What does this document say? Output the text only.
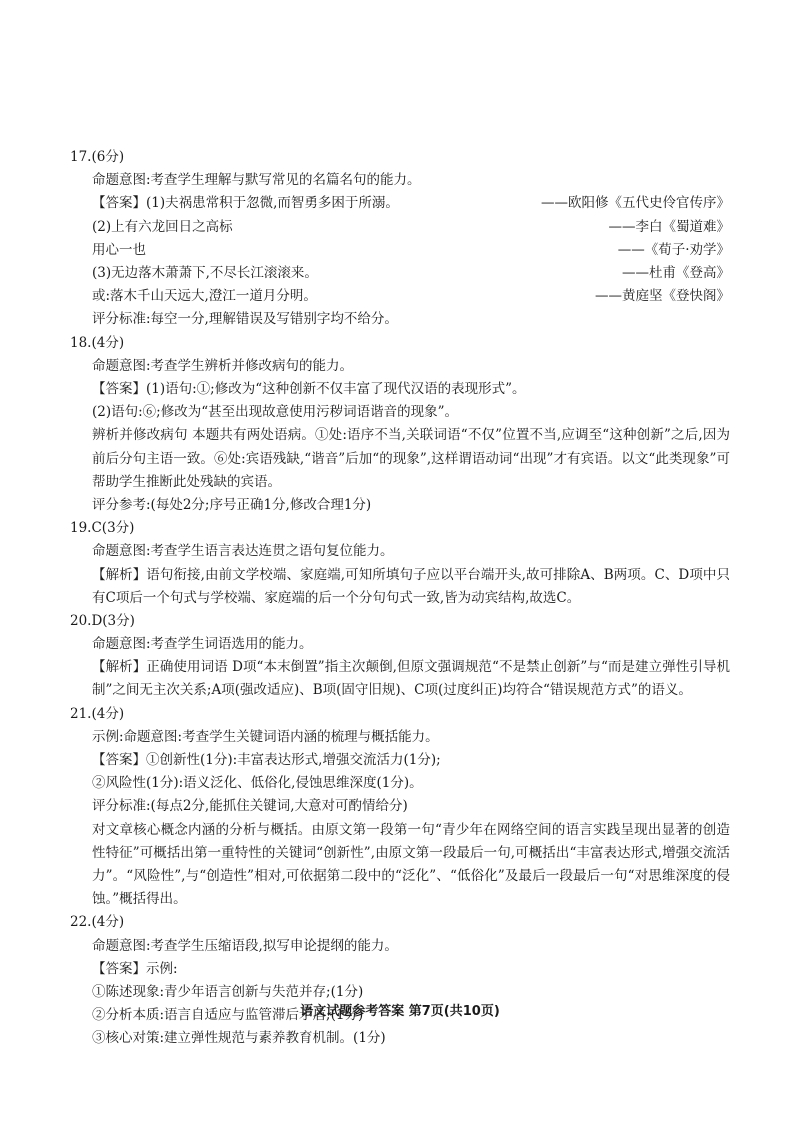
17.(6分)
命题意图:考查学生理解与默写常见的名篇名句的能力。
【答案】(1)夫祸患常积于忽微,而智勇多困于所溺。	——欧阳修《五代史伶官传序》
(2)上有六龙回日之高标	——李白《蜀道难》
用心一也	——《荀子·劝学》
(3)无边落木萧萧下,不尽长江滚滚来。	——杜甫《登高》
或:落木千山天远大,澄江一道月分明。	——黄庭坚《登快阁》
评分标准:每空一分,理解错误及写错别字均不给分。
18.(4分)
命题意图:考查学生辨析并修改病句的能力。
【答案】(1)语句:①;修改为“这种创新不仅丰富了现代汉语的表现形式”。
(2)语句:⑥;修改为“甚至出现故意使用污秽词语谐音的现象”。
辨析并修改病句 本题共有两处语病。①处:语序不当,关联词语“不仅”位置不当,应调至“这种创新”之后,因为前后分句主语一致。⑥处:宾语残缺,“谐音”后加“的现象”,这样谓语动词“出现”才有宾语。以文“此类现象”可帮助学生推断此处残缺的宾语。
评分参考:(每处2分;序号正确1分,修改合理1分)
19.C(3分)
命题意图:考查学生语言表达连贯之语句复位能力。
【解析】语句衔接,由前文学校端、家庭端,可知所填句子应以平台端开头,故可排除A、B两项。C、D项中只有C项后一个句式与学校端、家庭端的后一个分句句式一致,皆为动宾结构,故选C。
20.D(3分)
命题意图:考查学生词语选用的能力。
【解析】正确使用词语 D项“本末倒置”指主次颠倒,但原文强调规范“不是禁止创新”与“而是建立弹性引导机制”之间无主次关系;A项(强改适应)、B项(固守旧规)、C项(过度纠正)均符合“错误规范方式”的语义。
21.(4分)
示例:命题意图:考查学生关键词语内涵的梳理与概括能力。
【答案】①创新性(1分):丰富表达形式,增强交流活力(1分);
②风险性(1分):语义泛化、低俗化,侵蚀思维深度(1分)。
评分标准:(每点2分,能抓住关键词,大意对可酌情给分)
对文章核心概念内涵的分析与概括。由原文第一段第一句“青少年在网络空间的语言实践呈现出显著的创造性特征”可概括出第一重特性的关键词“创新性”,由原文第一段最后一句,可概括出“丰富表达形式,增强交流活力”。“风险性”,与“创造性”相对,可依据第二段中的“泛化”、“低俗化”及最后一段最后一句“对思维深度的侵蚀。”概括得出。
22.(4分)
命题意图:考查学生压缩语段,拟写申论提纲的能力。
【答案】示例:
①陈述现象:青少年语言创新与失范并存;(1分)
②分析本质:语言自适应与监管滞后矛盾;(1分)
③核心对策:建立弹性规范与素养教育机制。(1分)
语文试题参考答案 第7页(共10页)
